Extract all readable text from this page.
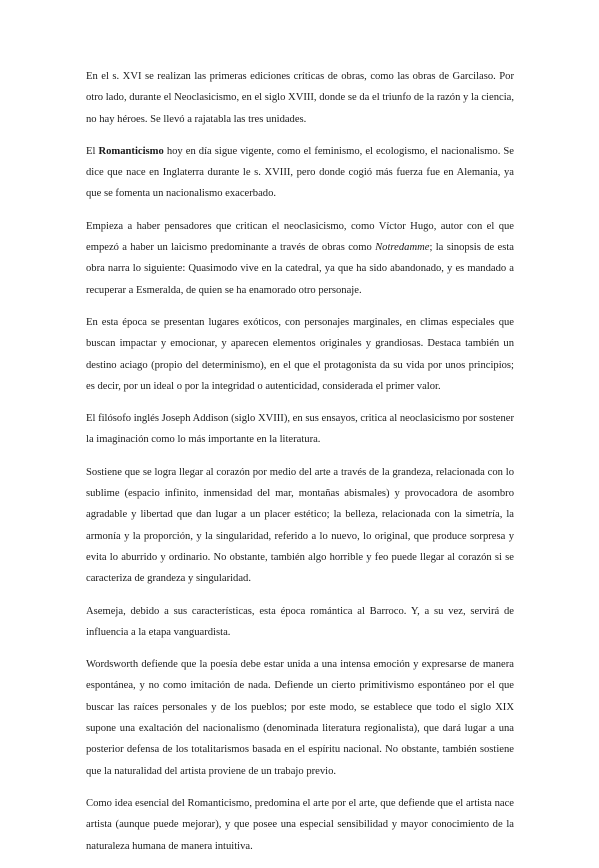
En el s. XVI se realizan las primeras ediciones críticas de obras, como las obras de Garcilaso. Por otro lado, durante el Neoclasicismo, en el siglo XVIII, donde se da el triunfo de la razón y la ciencia, no hay héroes. Se llevó a rajatabla las tres unidades.

El Romanticismo hoy en día sigue vigente, como el feminismo, el ecologismo, el nacionalismo. Se dice que nace en Inglaterra durante le s. XVIII, pero donde cogió más fuerza fue en Alemania, ya que se fomenta un nacionalismo exacerbado.

Empieza a haber pensadores que critican el neoclasicismo, como Víctor Hugo, autor con el que empezó a haber un laicismo predominante a través de obras como Notredamme; la sinopsis de esta obra narra lo siguiente: Quasimodo vive en la catedral, ya que ha sido abandonado, y es mandado a recuperar a Esmeralda, de quien se ha enamorado otro personaje.

En esta época se presentan lugares exóticos, con personajes marginales, en climas especiales que buscan impactar y emocionar, y aparecen elementos originales y grandiosas. Destaca también un destino aciago (propio del determinismo), en el que el protagonista da su vida por unos principios; es decir, por un ideal o por la integridad o autenticidad, considerada el primer valor.

El filósofo inglés Joseph Addison (siglo XVIII), en sus ensayos, critica al neoclasicismo por sostener la imaginación como lo más importante en la literatura.

Sostiene que se logra llegar al corazón por medio del arte a través de la grandeza, relacionada con lo sublime (espacio infinito, inmensidad del mar, montañas abismales) y provocadora de asombro agradable y libertad que dan lugar a un placer estético; la belleza, relacionada con la simetría, la armonía y la proporción, y la singularidad, referido a lo nuevo, lo original, que produce sorpresa y evita lo aburrido y ordinario. No obstante, también algo horrible y feo puede llegar al corazón si se caracteriza de grandeza y singularidad.

Asemeja, debido a sus características, esta época romántica al Barroco. Y, a su vez, servirá de influencia a la etapa vanguardista.

Wordsworth defiende que la poesía debe estar unida a una intensa emoción y expresarse de manera espontánea, y no como imitación de nada. Defiende un cierto primitivismo espontáneo por el que buscar las raíces personales y de los pueblos; por este modo, se establece que todo el siglo XIX supone una exaltación del nacionalismo (denominada literatura regionalista), que dará lugar a una posterior defensa de los totalitarismos basada en el espíritu nacional. No obstante, también sostiene que la naturalidad del artista proviene de un trabajo previo.

Como idea esencial del Romanticismo, predomina el arte por el arte, que defiende que el artista nace artista (aunque puede mejorar), y que posee una especial sensibilidad y mayor conocimiento de la naturaleza humana de manera intuitiva.
